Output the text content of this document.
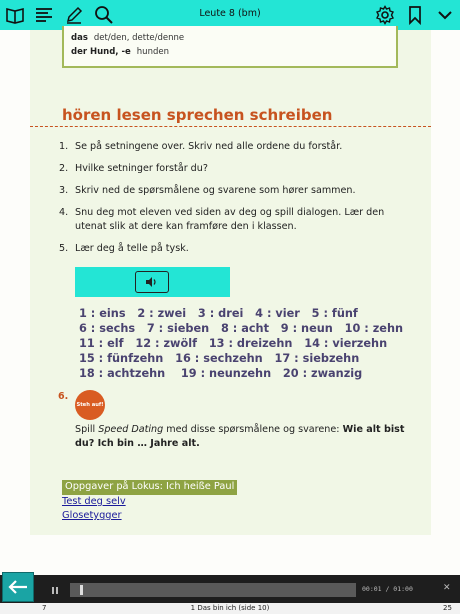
Leute 8 (bm)
das det/den, dette/denne
der Hund, -e hunden
hören lesen sprechen schreiben
1. Se på setningene over. Skriv ned alle ordene du forstår.
2. Hvilke setninger forstår du?
3. Skriv ned de spørsmålene og svarene som hører sammen.
4. Snu deg mot eleven ved siden av deg og spill dialogen. Lær den utenat slik at dere kan framføre den i klassen.
5. Lær deg å telle på tysk.
1 : eins   2 : zwei   3 : drei   4 : vier   5 : fünf
6 : sechs   7 : sieben   8 : acht   9 : neun   10 : zehn
11 : elf   12 : zwölf   13 : dreizehn   14 : vierzehn
15 : fünfzehn   16 : sechzehn   17 : siebzehn
18 : achtzehn    19 : neunzehn   20 : zwanzig
6.
Steh auf!
Spill Speed Dating med disse spørsmålene og svarene: Wie alt bist du? Ich bin … Jahre alt.
Oppgaver på Lokus: Ich heiße Paul
Test deg selv
Glosetygger
00:01 / 01:00	✕
7	1 Das bin ich (side 10)	25
